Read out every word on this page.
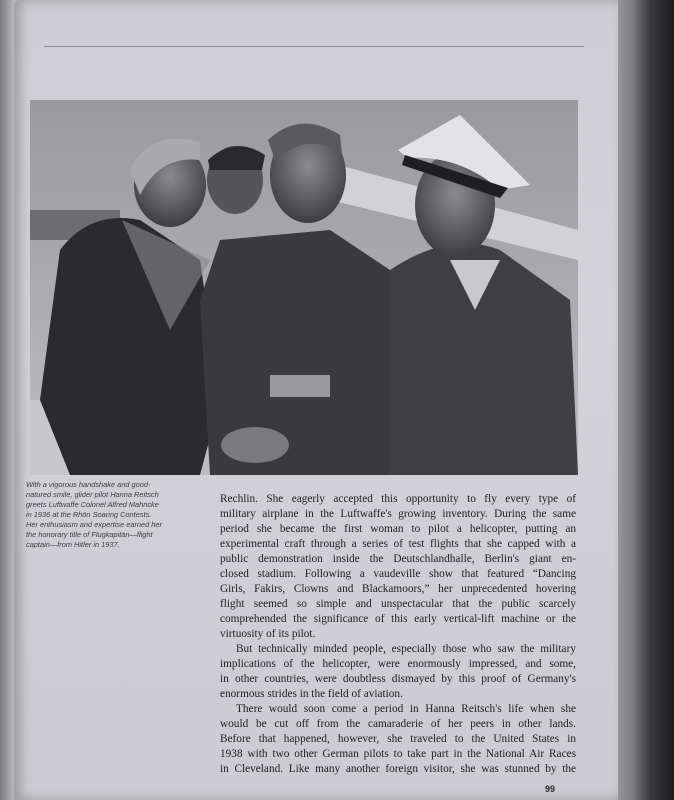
With a vigorous handshake and good-
natured smile, glider pilot Hanna Reitsch
greets Luftwaffe Colonel Alfred Mahncke
in 1936 at the Rhön Soaring Contests.
Her enthusiasm and expertise earned her
the honorary title of Flugkapitän—flight
captain—from Hitler in 1937.
Rechlin. She eagerly accepted this opportunity to fly every type of
military airplane in the Luftwaffe's growing inventory. During the same
period she became the first woman to pilot a helicopter, putting an
experimental craft through a series of test flights that she capped with a
public demonstration inside the Deutschlandhalle, Berlin's giant en-
closed stadium. Following a vaudeville show that featured “Dancing
Girls, Fakirs, Clowns and Blackamoors,” her unprecedented hovering
flight seemed so simple and unspectacular that the public scarcely
comprehended the significance of this early vertical-lift machine or the
virtuosity of its pilot.
But technically minded people, especially those who saw the military
implications of the helicopter, were enormously impressed, and some,
in other countries, were doubtless dismayed by this proof of Germany's
enormous strides in the field of aviation.
There would soon come a period in Hanna Reitsch's life when she
would be cut off from the camaraderie of her peers in other lands.
Before that happened, however, she traveled to the United States in
1938 with two other German pilots to take part in the National Air Races
in Cleveland. Like many another foreign visitor, she was stunned by the
99
